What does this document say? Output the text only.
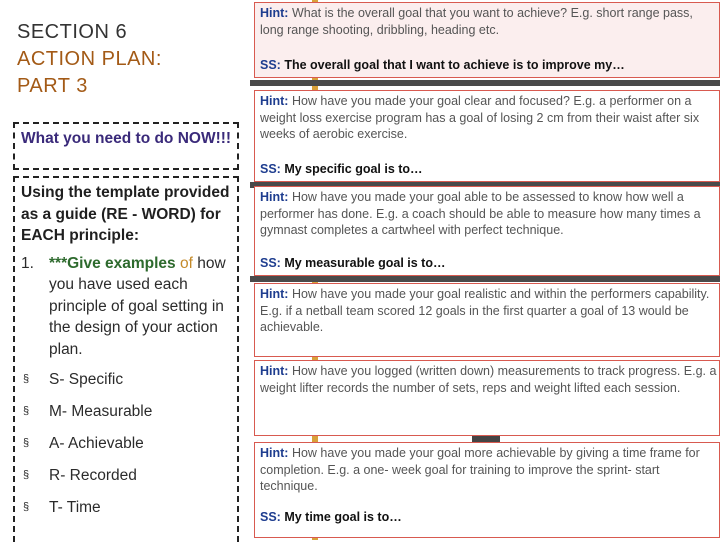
SECTION 6
ACTION PLAN:
PART 3
What you need to do NOW!!!
Using the template provided as a guide (RE - WORD) for EACH principle:
1. ***Give examples of how you have used each principle of goal setting in the design of your action plan.
§ S- Specific
§ M- Measurable
§ A- Achievable
§ R- Recorded
§ T- Time
Hint: What is the overall goal that you want to achieve? E.g. short range pass, long range shooting, dribbling, heading etc.
SS: The overall goal that I want to achieve is to improve my…
Hint: How have you made your goal clear and focused? E.g. a performer on a weight loss exercise program has a goal of losing 2 cm from their waist after six weeks of aerobic exercise.
SS: My specific goal is to…
Hint: How have you made your goal able to be assessed to know how well a performer has done. E.g. a coach should be able to measure how many times a gymnast completes a cartwheel with perfect technique.
SS: My measurable goal is to…
Hint: How have you made your goal realistic and within the performers capability. E.g. if a netball team scored 12 goals in the first quarter a goal of 13 would be achievable.
Hint: How have you logged (written down) measurements to track progress. E.g. a weight lifter records the number of sets, reps and weight lifted each session.
Hint: How have you made your goal more achievable by giving a time frame for completion. E.g. a one- week goal for training to improve the sprint- start technique.
SS: My time goal is to…
